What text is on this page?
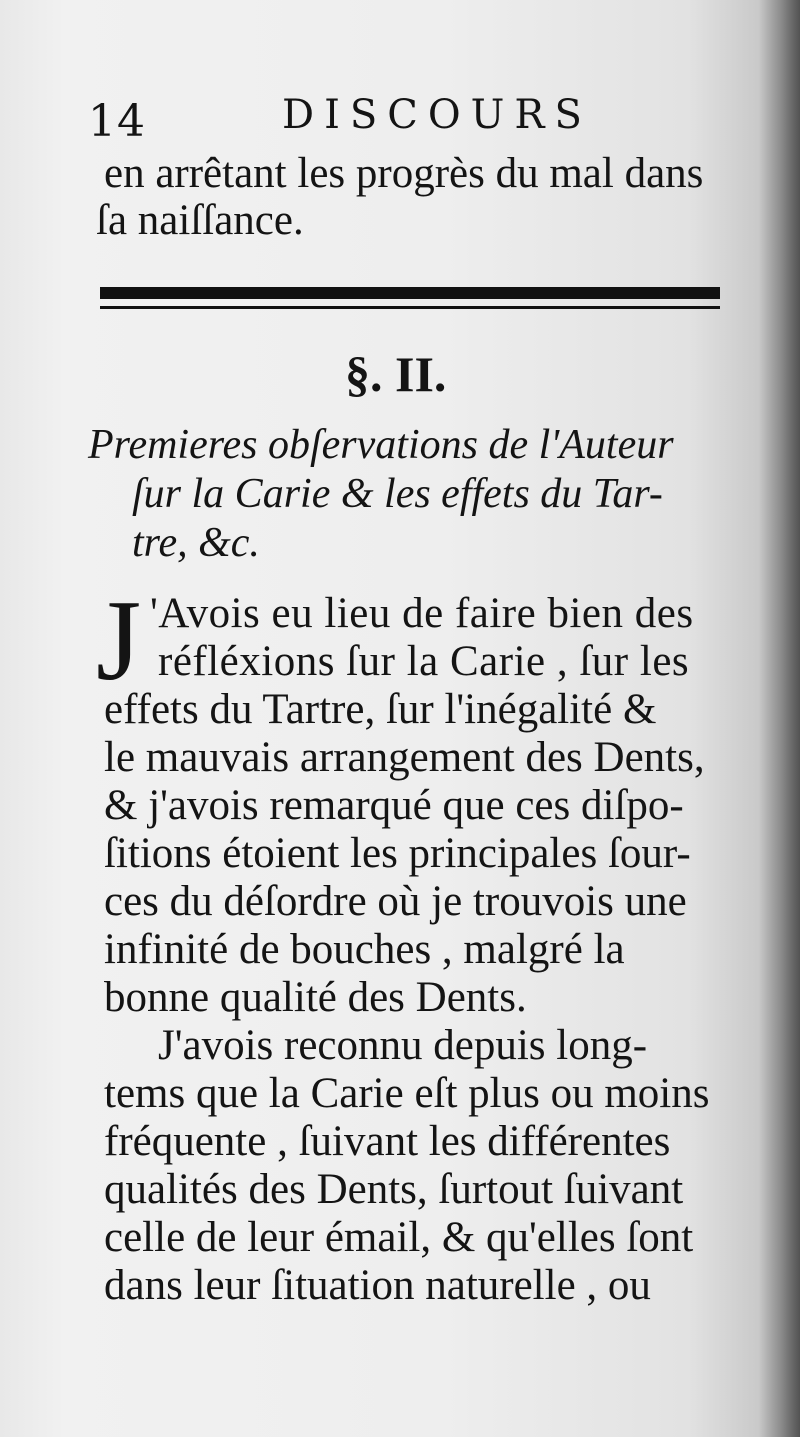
14	DISCOURS
en arrêtant les progrès du mal dans
ſa naiſſance.
§. II.
Premieres obſervations de l'Auteur
ſur la Carie & les effets du Tar-
tre, &c.
J 'Avois eu lieu de faire bien des
réfléxions ſur la Carie , ſur les
effets du Tartre, ſur l'inégalité &
le mauvais arrangement des Dents,
& j'avois remarqué que ces diſpo-
ſitions étoient les principales ſour-
ces du déſordre où je trouvois une
infinité de bouches , malgré la
bonne qualité des Dents.
J'avois reconnu depuis long-
tems que la Carie eſt plus ou moins
fréquente , ſuivant les différentes
qualités des Dents, ſurtout ſuivant
celle de leur émail, & qu'elles ſont
dans leur ſituation naturelle , ou
